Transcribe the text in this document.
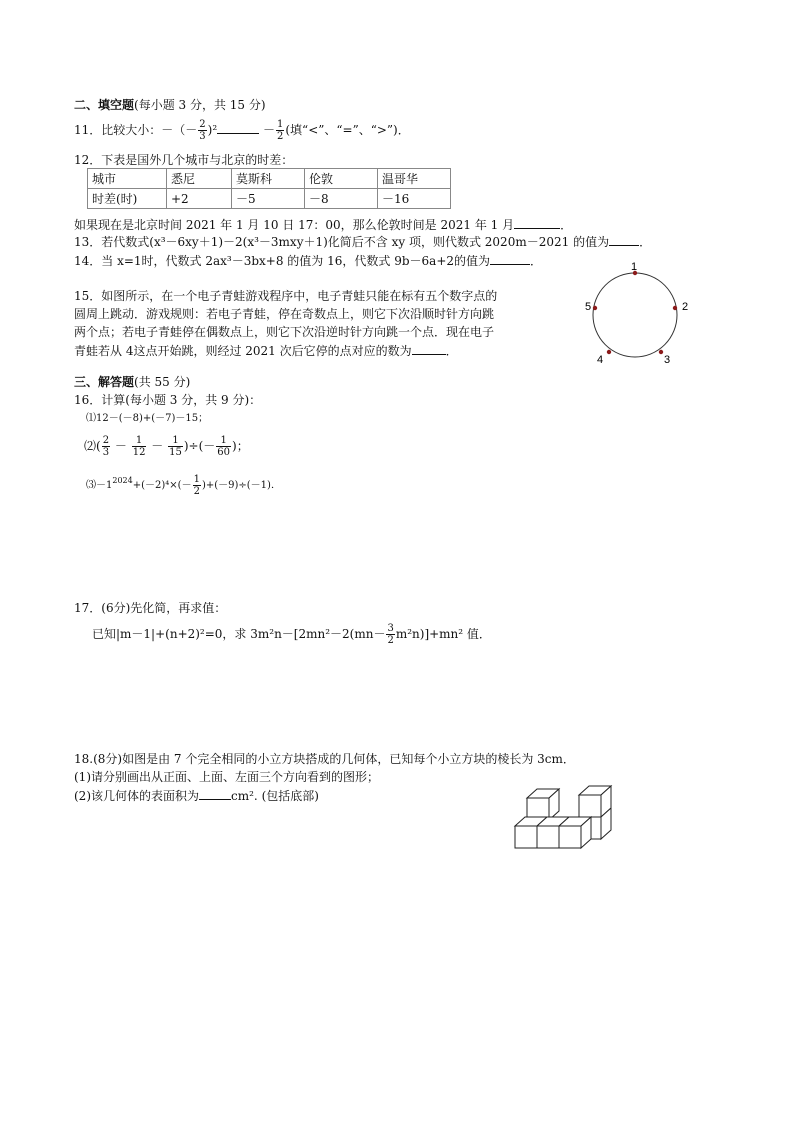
二、填空题(每小题 3 分，共 15 分)
11．比较大小：－（－ $\frac{2}{3} )^2$	－ $\frac{1}{2}$ (填“<”、“=”、“>”)．
12．下表是国外几个城市与北京的时差：
城市	悉尼	莫斯科	伦敦	温哥华
时差(时)	+2	－5	－8	－16
如果现在是北京时间 2021 年 1 月 10 日 17：00，那么伦敦时间是 2021 年 1 月	．
13．若代数式(x³－6xy＋1)－2(x³－3mxy＋1)化简后不含 xy 项，则代数式 2020m－2021 的值为	．
14．当 x=1时，代数式 2ax³－3bx+8 的值为 16，代数式 9b－6a+2的值为	．
15．如图所示，在一个电子青蛙游戏程序中，电子青蛙只能在标有五个数字点的
圆周上跳动．游戏规则：若电子青蛙，停在奇数点上，则它下次沿顺时针方向跳
两个点；若电子青蛙停在偶数点上，则它下次沿逆时针方向跳一个点．现在电子
青蛙若从 4这点开始跳，则经过 2021 次后它停的点对应的数为	．
1
2
3
4
5
三、解答题(共 55 分)
16．计算(每小题 3 分，共 9 分)：
⑴12－(－8)+(－7)－15；
⑵( $\frac{2}{3} - \frac{1}{12} - \frac{1}{15}$ )÷(－ $\frac{1}{60}$ )；
$⑶-1^{2024}+(-2)^4\times(- \frac{1}{2} )+(-9)\div(-1)$．
17．(6分)先化简，再求值：
已知|m－1|+(n+2)²=0，求 $3m^2n-[2mn^2-2(mn- \frac{3}{2} m^2n)]+mn^2$ 值．
18.(8分)如图是由 7 个完全相同的小立方块搭成的几何体，已知每个小立方块的棱长为 3cm．
(1)请分别画出从正面、上面、左面三个方向看到的图形；
(2)该几何体的表面积为	cm². (包括底部)
